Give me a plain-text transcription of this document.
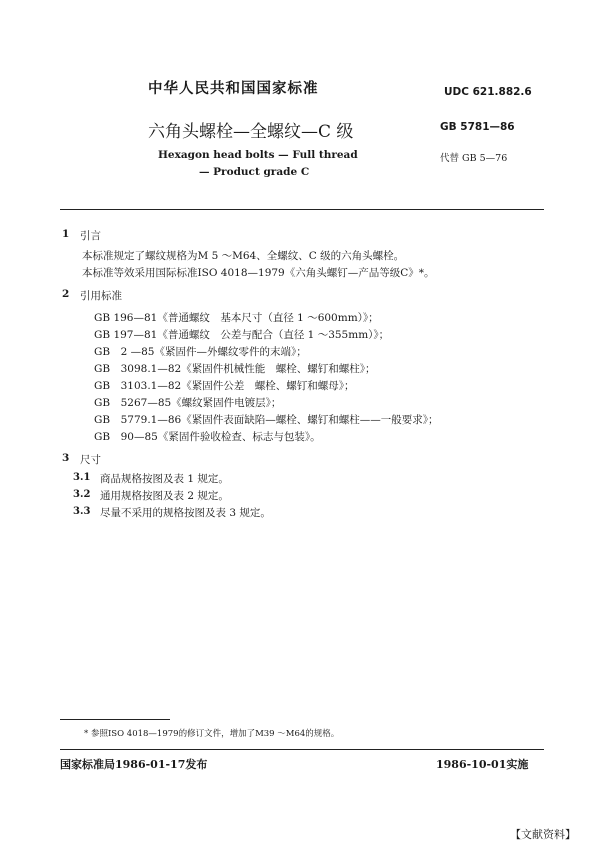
中华人民共和国国家标准	UDC 621.882.6
六角头螺栓—全螺纹—C 级	GB 5781—86
Hexagon head bolts — Full thread	代替 GB 5—76
— Product grade C
1 引言
本标准规定了螺纹规格为M 5 ～M64、全螺纹、C 级的六角头螺栓。
本标准等效采用国际标准ISO 4018—1979《六角头螺钉—产品等级C》*。
2 引用标准
GB 196—81《普通螺纹　基本尺寸（直径 1 ～600mm）》；
GB 197—81《普通螺纹　公差与配合（直径 1 ～355mm）》；
GB　2 —85《紧固件—外螺纹零件的末端》；
GB　3098.1—82《紧固件机械性能　螺栓、螺钉和螺柱》；
GB　3103.1—82《紧固件公差　螺栓、螺钉和螺母》；
GB　5267—85《螺纹紧固件电镀层》；
GB　5779.1—86《紧固件表面缺陷—螺栓、螺钉和螺柱——一般要求》；
GB　90—85《紧固件验收检查、标志与包装》。
3 尺寸
3.1 商品规格按图及表 1 规定。
3.2 通用规格按图及表 2 规定。
3.3 尽量不采用的规格按图及表 3 规定。
* 参照ISO 4018—1979的修订文件，增加了M39 ～M64的规格。
国家标准局1986-01-17发布	1986-10-01实施
【文献资料】
